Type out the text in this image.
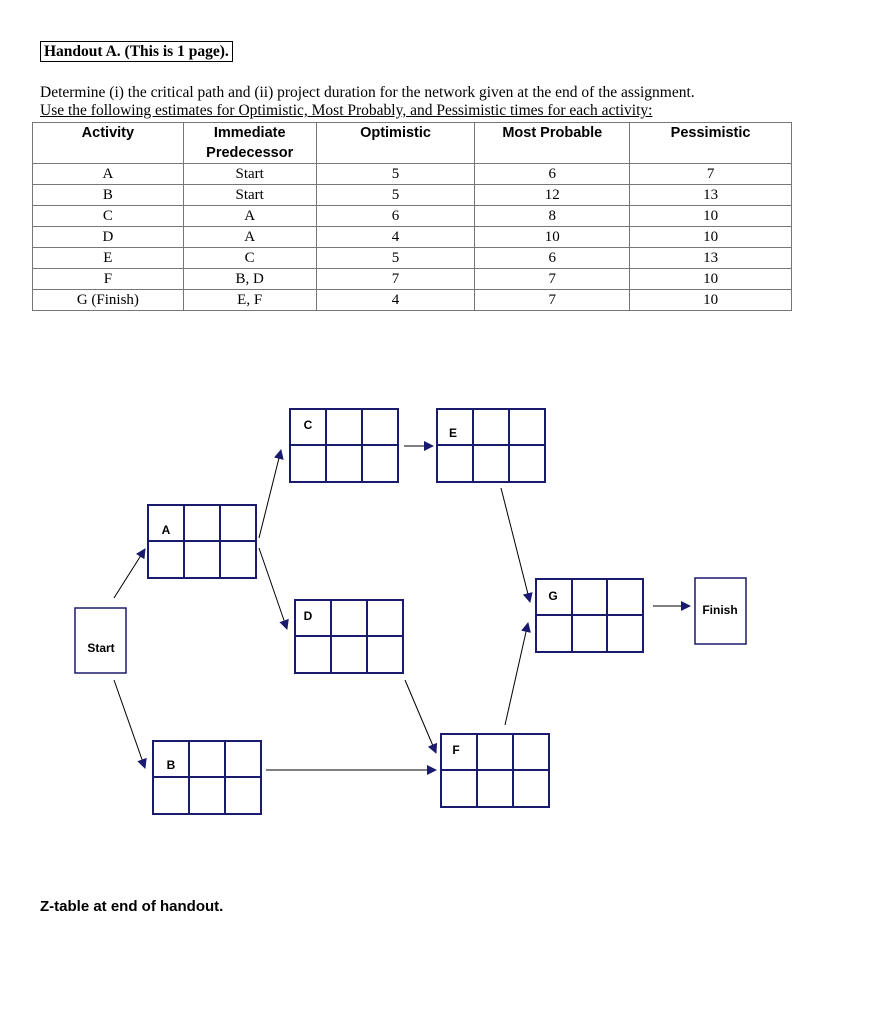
Handout A. (This is 1 page).
Determine (i) the critical path and (ii) project duration for the network given at the end of the assignment.
Use the following estimates for Optimistic, Most Probably, and Pessimistic times for each activity:
Activity	Immediate Predecessor	Optimistic	Most Probable	Pessimistic
A	Start	5	6	7
B	Start	5	12	13
C	A	6	8	10
D	A	4	10	10
E	C	5	6	13
F	B, D	7	7	10
G (Finish)	E, F	4	7	10
Start
Finish
A
B
C
D
E
F
G
Z-table at end of handout.
